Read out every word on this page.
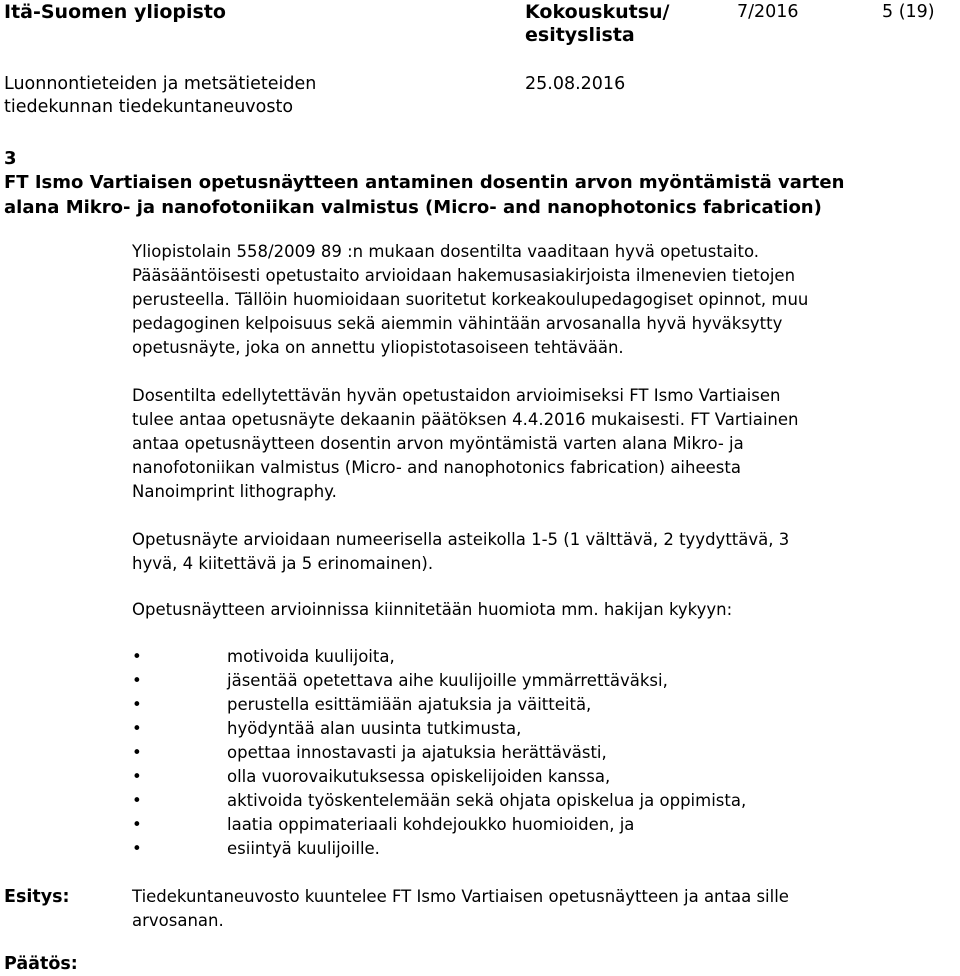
Itä-Suomen yliopisto	Kokouskutsu/
esityslista
7/2016	5 (19)
Luonnontieteiden ja metsätieteiden
tiedekunnan tiedekuntaneuvosto
25.08.2016
3
FT Ismo Vartiaisen opetusnäytteen antaminen dosentin arvon myöntämistä varten
alana Mikro- ja nanofotoniikan valmistus (Micro- and nanophotonics fabrication)
Yliopistolain 558/2009 89 :n mukaan dosentilta vaaditaan hyvä opetustaito.
Pääsääntöisesti opetustaito arvioidaan hakemusasiakirjoista ilmenevien tietojen
perusteella. Tällöin huomioidaan suoritetut korkeakoulupedagogiset opinnot, muu
pedagoginen kelpoisuus sekä aiemmin vähintään arvosanalla hyvä hyväksytty
opetusnäyte, joka on annettu yliopistotasoiseen tehtävään.
Dosentilta edellytettävän hyvän opetustaidon arvioimiseksi FT Ismo Vartiaisen
tulee antaa opetusnäyte dekaanin päätöksen 4.4.2016 mukaisesti. FT Vartiainen
antaa opetusnäytteen dosentin arvon myöntämistä varten alana Mikro- ja
nanofotoniikan valmistus (Micro- and nanophotonics fabrication) aiheesta
Nanoimprint lithography.
Opetusnäyte arvioidaan numeerisella asteikolla 1-5 (1 välttävä, 2 tyydyttävä, 3
hyvä, 4 kiitettävä ja 5 erinomainen).
Opetusnäytteen arvioinnissa kiinnitetään huomiota mm. hakijan kykyyn:
•	motivoida kuulijoita,
•	jäsentää opetettava aihe kuulijoille ymmärrettäväksi,
•	perustella esittämiään ajatuksia ja väitteitä,
•	hyödyntää alan uusinta tutkimusta,
•	opettaa innostavasti ja ajatuksia herättävästi,
•	olla vuorovaikutuksessa opiskelijoiden kanssa,
•	aktivoida työskentelemään sekä ohjata opiskelua ja oppimista,
•	laatia oppimateriaali kohdejoukko huomioiden, ja
•	esiintyä kuulijoille.
Esitys:	Tiedekuntaneuvosto kuuntelee FT Ismo Vartiaisen opetusnäytteen ja antaa sille
arvosanan.
Päätös:
